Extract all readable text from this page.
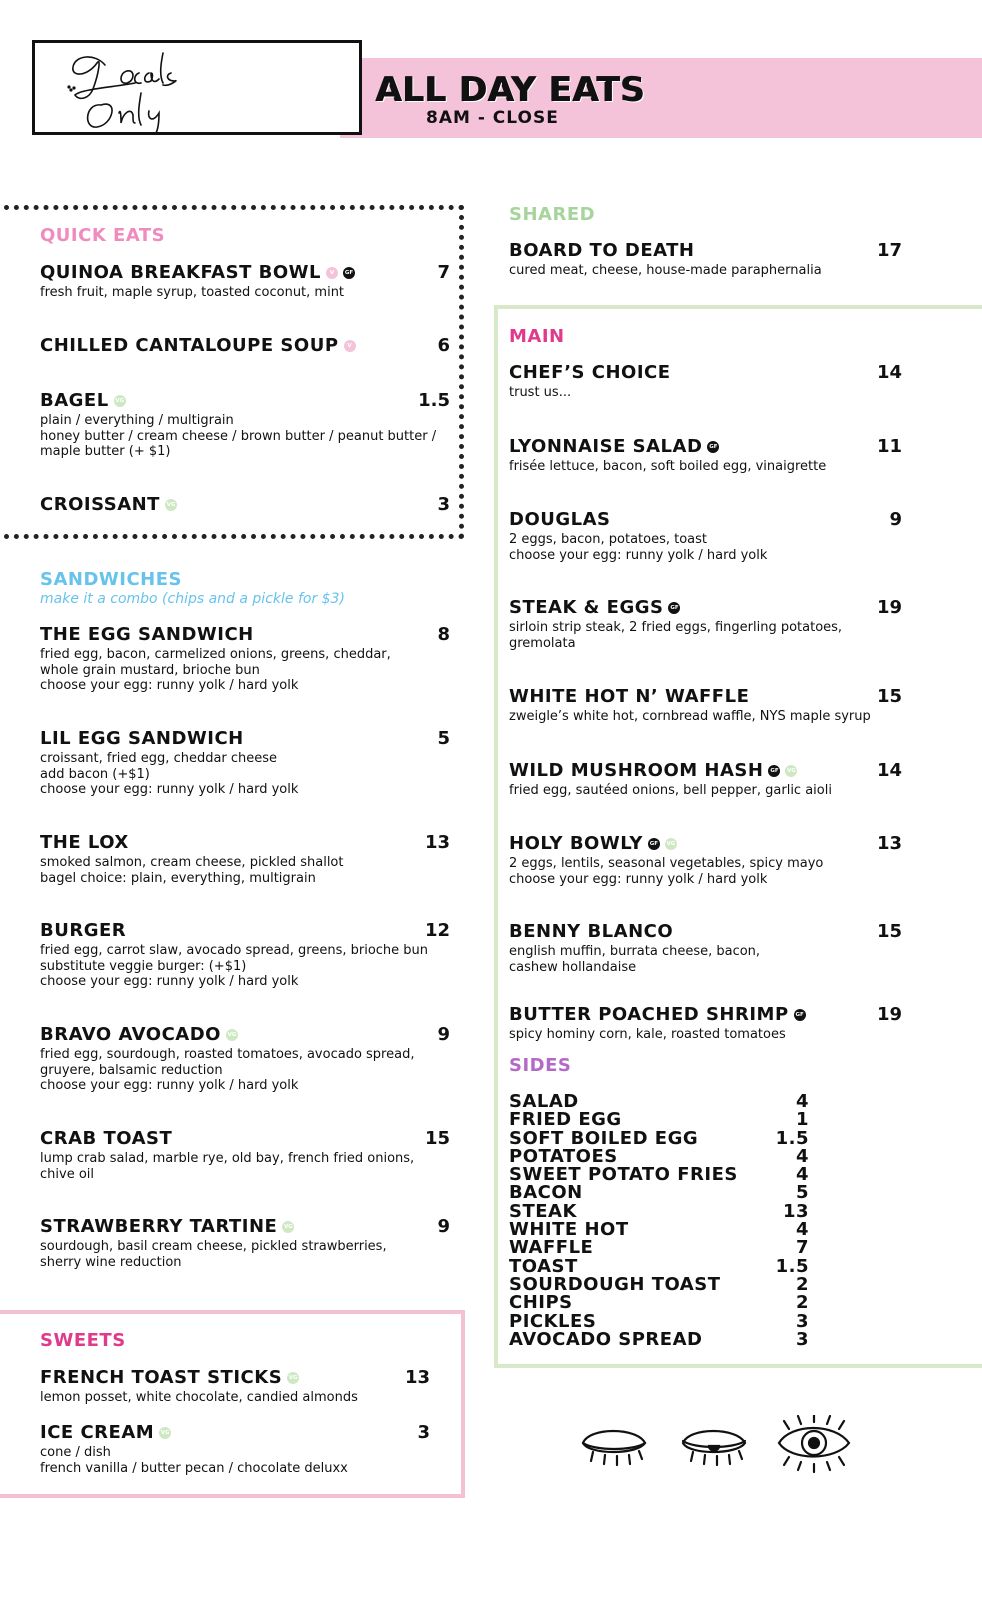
ALL DAY EATS
8AM - CLOSE
QUICK EATS
SANDWICHES
make it a combo (chips and a pickle for $3)
SWEETS
SHARED
MAIN
SIDES
QUINOA BREAKFAST BOWL	V	GF	7
fresh fruit, maple syrup, toasted coconut, mint
CHILLED CANTALOUPE SOUP	V	6
BAGEL VG	1.5
plain / everything / multigrain
honey butter / cream cheese / brown butter / peanut butter /
maple butter (+ $1)
CROISSANT VG	3
THE EGG SANDWICH	8
fried egg, bacon, carmelized onions, greens, cheddar,
whole grain mustard, brioche bun
choose your egg: runny yolk / hard yolk
LIL EGG SANDWICH	5
croissant, fried egg, cheddar cheese
add bacon (+$1)
choose your egg: runny yolk / hard yolk
THE LOX	13
smoked salmon, cream cheese, pickled shallot
bagel choice: plain, everything, multigrain
BURGER	12
fried egg, carrot slaw, avocado spread, greens, brioche bun
substitute veggie burger: (+$1)
choose your egg: runny yolk / hard yolk
BRAVO AVOCADO VG	9
fried egg, sourdough, roasted tomatoes, avocado spread,
gruyere, balsamic reduction
choose your egg: runny yolk / hard yolk
CRAB TOAST	15
lump crab salad, marble rye, old bay, french fried onions,
chive oil
STRAWBERRY TARTINE VG	9
sourdough, basil cream cheese, pickled strawberries,
sherry wine reduction
FRENCH TOAST STICKS VG	13
lemon posset, white chocolate, candied almonds
ICE CREAM VG	3
cone / dish
french vanilla / butter pecan / chocolate deluxx
BOARD TO DEATH	17
cured meat, cheese, house-made paraphernalia
CHEF’S CHOICE	14
trust us...
LYONNAISE SALAD	GF	11
frisée lettuce, bacon, soft boiled egg, vinaigrette
DOUGLAS	9
2 eggs, bacon, potatoes, toast
choose your egg: runny yolk / hard yolk
STEAK & EGGS	GF	19
sirloin strip steak, 2 fried eggs, fingerling potatoes,
gremolata
WHITE HOT N’ WAFFLE	15
zweigle’s white hot, cornbread waffle, NYS maple syrup
WILD MUSHROOM HASH	GF	VG	14
fried egg, sautéed onions, bell pepper, garlic aioli
HOLY BOWLY	GF	VG	13
2 eggs, lentils, seasonal vegetables, spicy mayo
choose your egg: runny yolk / hard yolk
BENNY BLANCO	15
english muffin, burrata cheese, bacon,
cashew hollandaise
BUTTER POACHED SHRIMP	GF	19
spicy hominy corn, kale, roasted tomatoes
SALAD	4
FRIED EGG	1
SOFT BOILED EGG	1.5
POTATOES	4
SWEET POTATO FRIES	4
BACON	5
STEAK	13
WHITE HOT	4
WAFFLE	7
TOAST	1.5
SOURDOUGH TOAST	2
CHIPS	2
PICKLES	3
AVOCADO SPREAD	3
